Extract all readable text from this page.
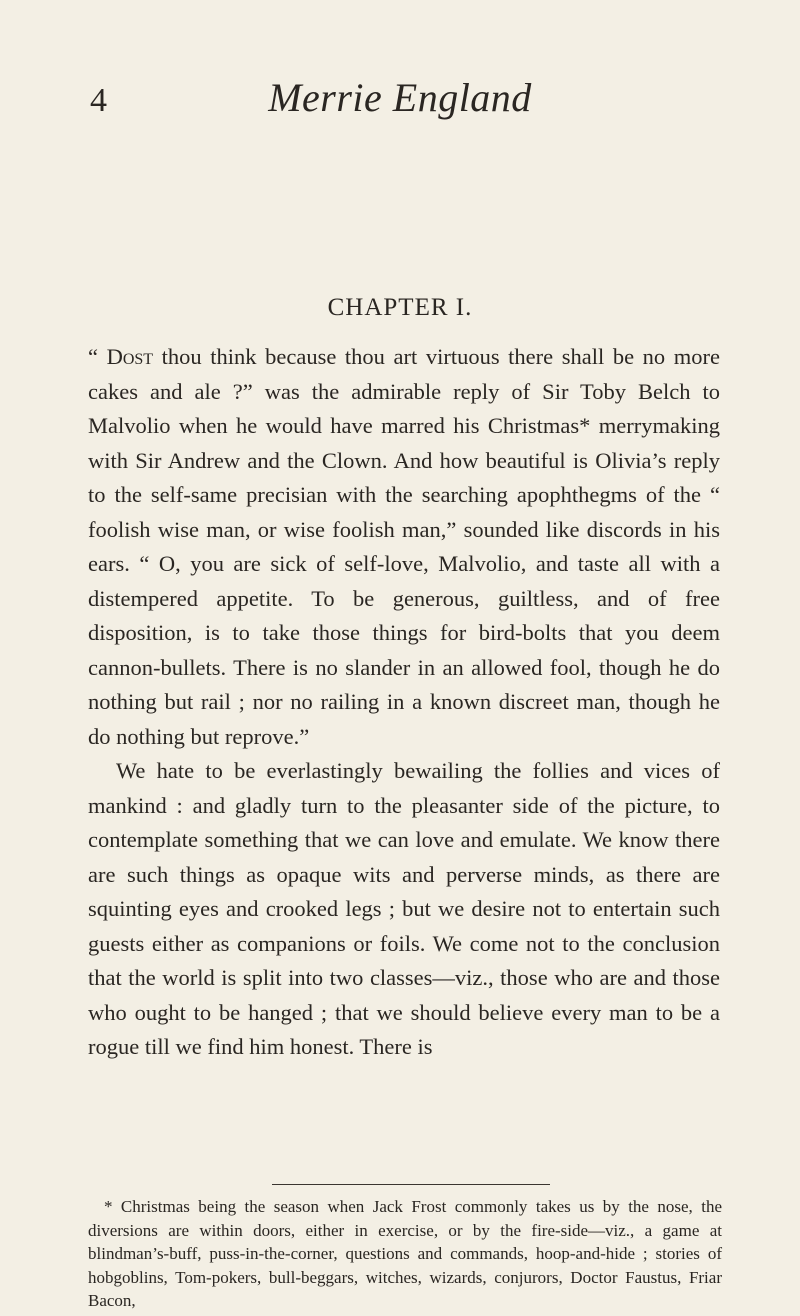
4	Merrie England
CHAPTER I.

“ Dost thou think because thou art virtuous there shall be no more cakes and ale ?” was the admirable reply of Sir Toby Belch to Malvolio when he would have marred his Christmas* merrymaking with Sir Andrew and the Clown. And how beautiful is Olivia’s reply to the self-same precisian with the searching apophthegms of the “ foolish wise man, or wise foolish man,” sounded like discords in his ears. “ O, you are sick of self-love, Malvolio, and taste all with a distempered appetite. To be generous, guiltless, and of free disposition, is to take those things for bird-bolts that you deem cannon-bullets. There is no slander in an allowed fool, though he do nothing but rail ; nor no railing in a known discreet man, though he do nothing but reprove.”

We hate to be everlastingly bewailing the follies and vices of mankind : and gladly turn to the pleasanter side of the picture, to contemplate something that we can love and emulate. We know there are such things as opaque wits and perverse minds, as there are squinting eyes and crooked legs ; but we desire not to entertain such guests either as companions or foils. We come not to the conclusion that the world is split into two classes—viz., those who are and those who ought to be hanged ; that we should believe every man to be a rogue till we find him honest. There is

* Christmas being the season when Jack Frost commonly takes us by the nose, the diversions are within doors, either in exercise, or by the fire-side—viz., a game at blindman’s-buff, puss-in-the-corner, questions and commands, hoop-and-hide ; stories of hobgoblins, Tom-pokers, bull-beggars, witches, wizards, conjurors, Doctor Faustus, Friar Bacon,
